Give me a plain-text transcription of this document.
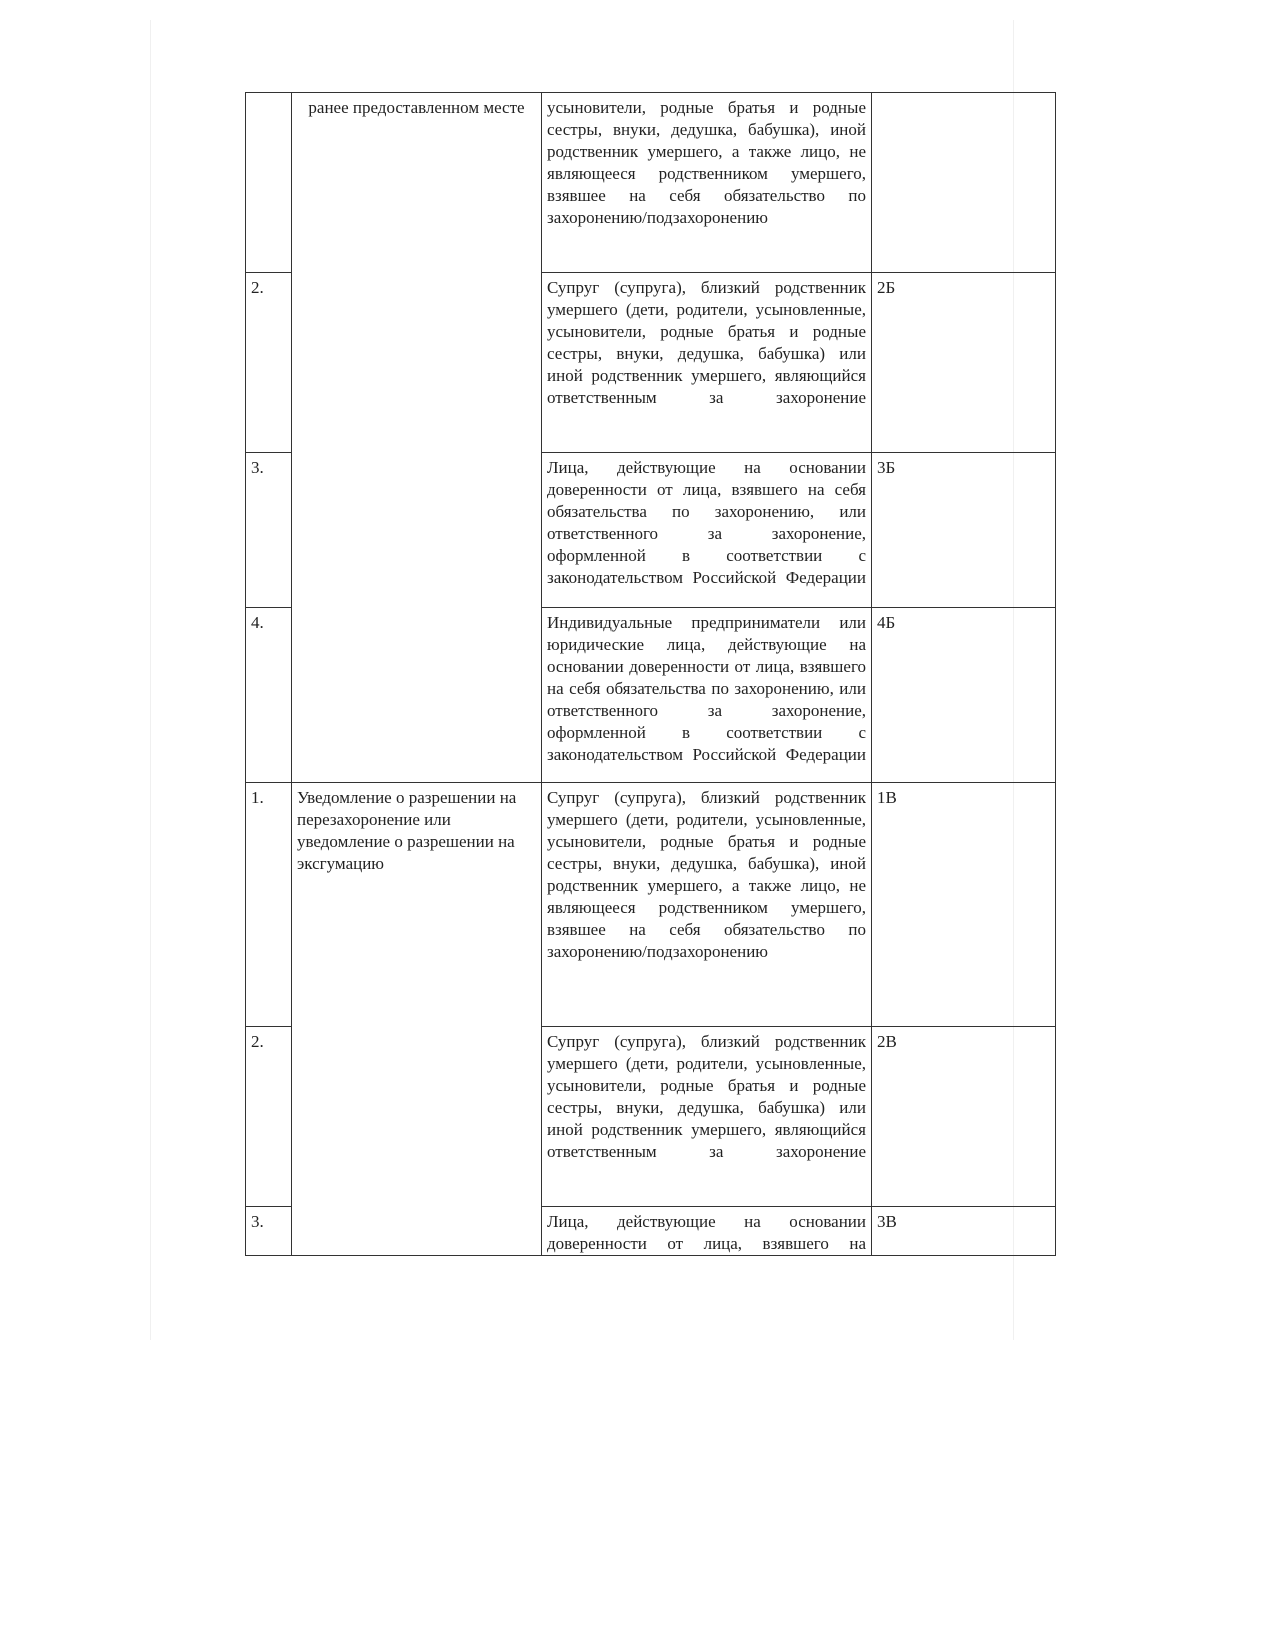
	ранее предоставленном месте	усыновители, родные братья и родные сестры, внуки, дедушка, бабушка), иной родственник умершего, а также лицо, не являющееся родственником умершего, взявшее на себя обязательство по захоронению/подзахоронению	
2.		Супруг (супруга), близкий родственник умершего (дети, родители, усыновленные, усыновители, родные братья и родные сестры, внуки, дедушка, бабушка) или иной родственник умершего, являющийся ответственным за захоронение	2Б
3.		Лица, действующие на основании доверенности от лица, взявшего на себя обязательства по захоронению, или ответственного за захоронение, оформленной в соответствии с законодательством Российской Федерации	3Б
4.		Индивидуальные предприниматели или юридические лица, действующие на основании доверенности от лица, взявшего на себя обязательства по захоронению, или ответственного за захоронение, оформленной в соответствии с законодательством Российской Федерации	4Б
1.	Уведомление о разрешении на перезахоронение или уведомление о разрешении на эксгумацию	Супруг (супруга), близкий родственник умершего (дети, родители, усыновленные, усыновители, родные братья и родные сестры, внуки, дедушка, бабушка), иной родственник умершего, а также лицо, не являющееся родственником умершего, взявшее на себя обязательство по захоронению/подзахоронению	1В
2.		Супруг (супруга), близкий родственник умершего (дети, родители, усыновленные, усыновители, родные братья и родные сестры, внуки, дедушка, бабушка) или иной родственник умершего, являющийся ответственным за захоронение	2В
3.		Лица, действующие на основании доверенности от лица, взявшего на	3В
